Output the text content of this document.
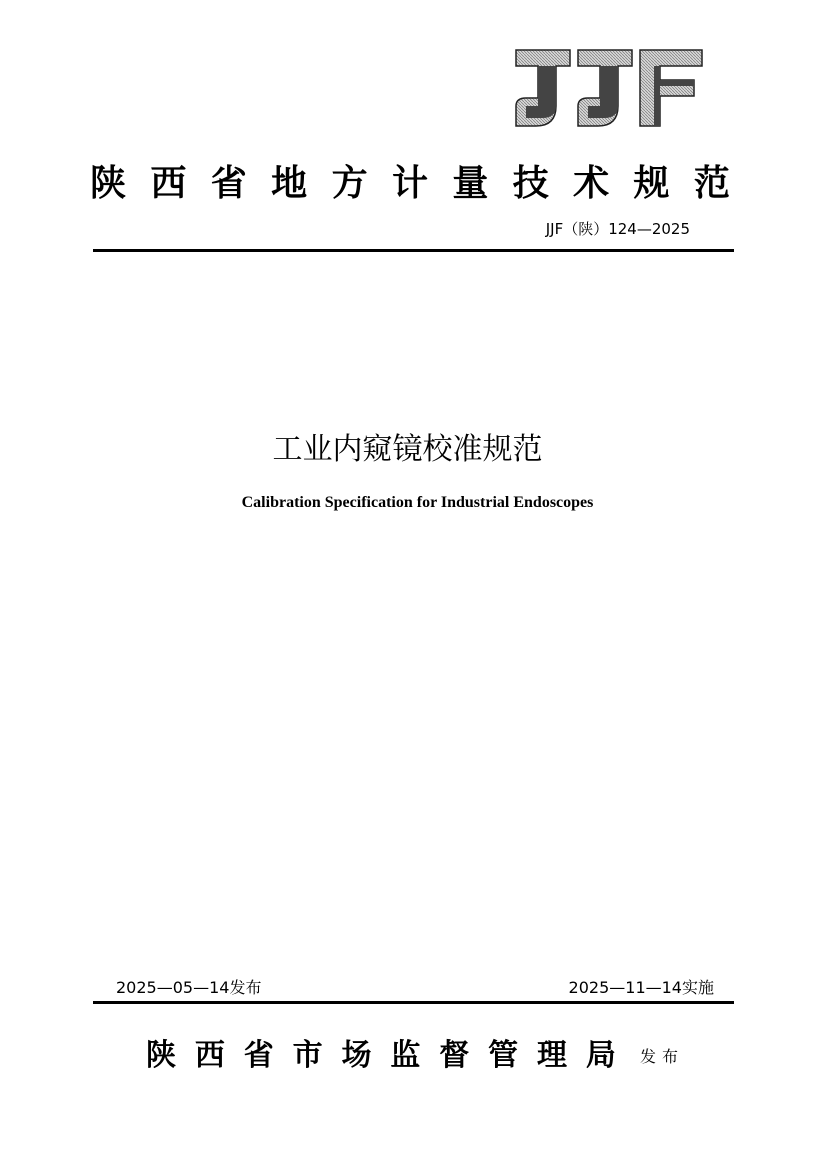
陕 西 省 地 方 计 量 技 术 规 范
JJF（陕）124—2025
工业内窥镜校准规范
Calibration Specification for Industrial Endoscopes
2025—05—14发布	2025—11—14实施
陕 西 省 市 场 监 督 管 理 局 发布
